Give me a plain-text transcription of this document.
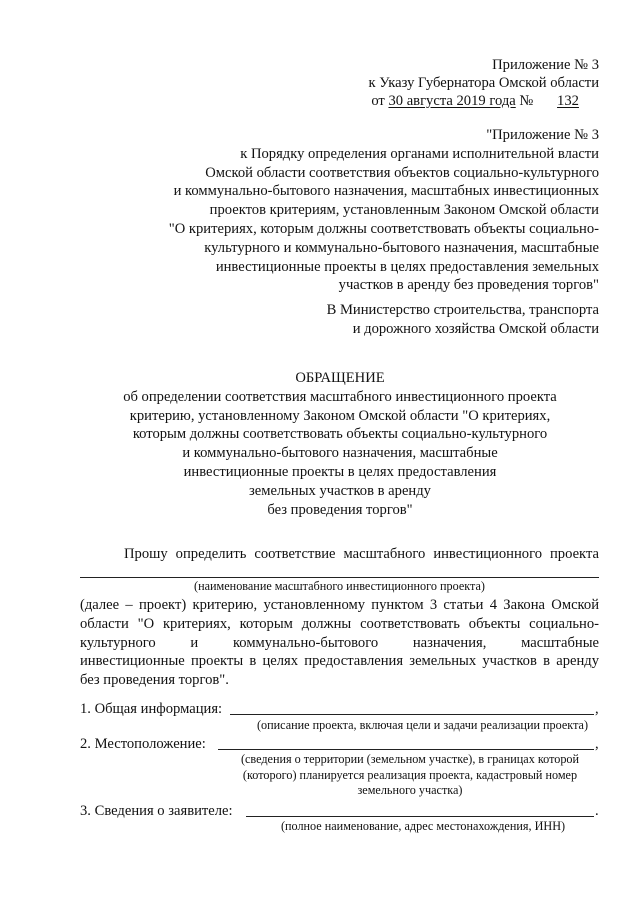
Приложение № 3
к Указу Губернатора Омской области
от 30 августа 2019 года № 132
"Приложение № 3
к Порядку определения органами исполнительной власти
Омской области соответствия объектов социально-культурного
и коммунально-бытового назначения, масштабных инвестиционных
проектов критериям, установленным Законом Омской области
"О критериях, которым должны соответствовать объекты социально-
культурного и коммунально-бытового назначения, масштабные
инвестиционные проекты в целях предоставления земельных
участков в аренду без проведения торгов"
В Министерство строительства, транспорта
и дорожного хозяйства Омской области
ОБРАЩЕНИЕ
об определении соответствия масштабного инвестиционного проекта
критерию, установленному Законом Омской области "О критериях,
которым должны соответствовать объекты социально-культурного
и коммунально-бытового назначения, масштабные
инвестиционные проекты в целях предоставления
земельных участков в аренду
без проведения торгов"
Прошу определить соответствие масштабного инвестиционного проекта
(наименование масштабного инвестиционного проекта)
(далее – проект) критерию, установленному пунктом 3 статьи 4 Закона Омской
области "О критериях, которым должны соответствовать объекты социально-
культурного и коммунально-бытового назначения, масштабные
инвестиционные проекты в целях предоставления земельных участков в аренду
без проведения торгов".
1. Общая информация:	,
(описание проекта, включая цели и задачи реализации проекта)
2. Местоположение:	,
(сведения о территории (земельном участке), в границах которой
(которого) планируется реализация проекта, кадастровый номер
земельного участка)
3. Сведения о заявителе:	.
(полное наименование, адрес местонахождения, ИНН)
